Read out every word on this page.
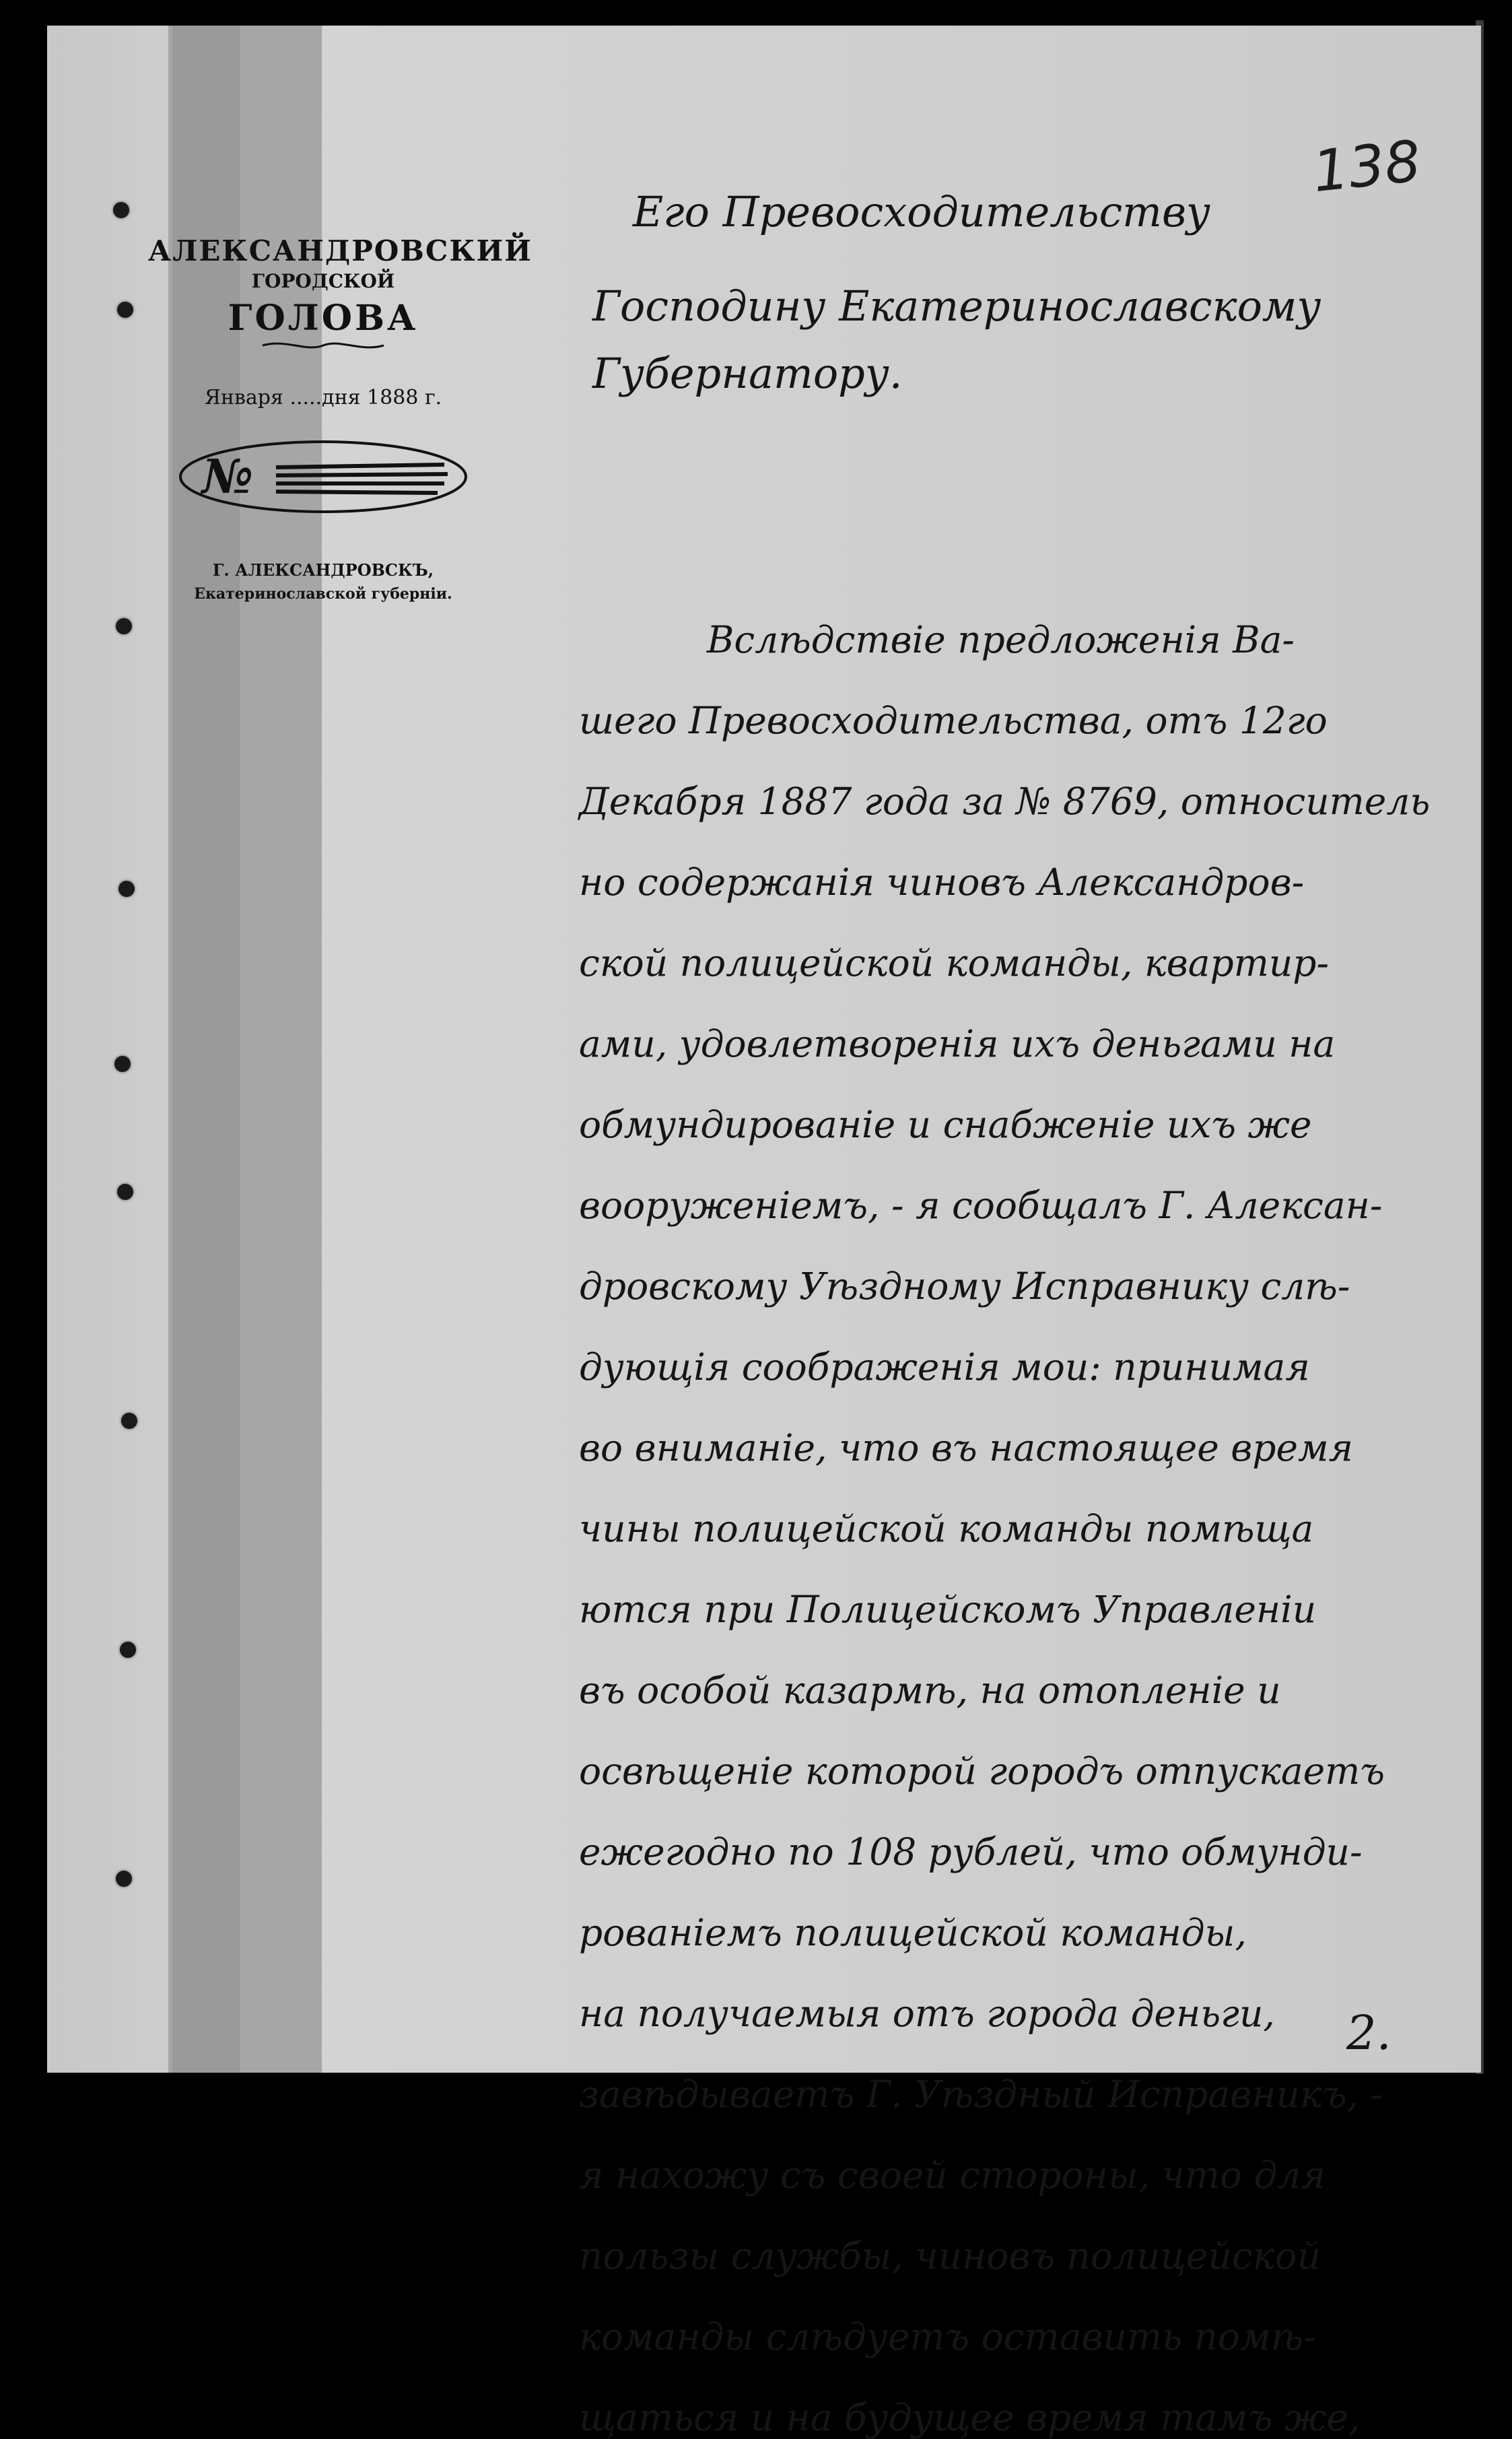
АЛЕКСАНДРОВСКИЙ
ГОРОДСКОЙ
ГОЛОВА
Января .....дня 1888 г.
№
Г. АЛЕКСАНДРОВСКЪ,
Екатеринославской губерніи.
138
2.
Его Превосходительству
Господину Екатеринославскому
Губернатору.
Вслѣдствіе предложенія Ва-
шего Превосходительства, отъ 12го
Декабря 1887 года за № 8769, относитель
но содержанія чиновъ Александров-
ской полицейской команды, квартир-
ами, удовлетворенія ихъ деньгами на
обмундированіе и снабженіе ихъ же
вооруженіемъ, - я сообщалъ Г. Алексан-
дровскому Уѣздному Исправнику слѣ-
дующія соображенія мои: принимая
во вниманіе, что въ настоящее время
чины полицейской команды помѣща
ются при Полицейскомъ Управленіи
въ особой казармѣ, на отопленіе и
освѣщеніе которой городъ отпускаетъ
ежегодно по 108 рублей, что обмунди-
рованіемъ полицейской команды,
на получаемыя отъ города деньги,
завѣдываетъ Г. Уѣздный Исправникъ, -
я нахожу съ своей стороны, что для
пользы службы, чиновъ полицейской
команды слѣдуетъ оставить помѣ-
щаться и на будущее время тамъ же,
